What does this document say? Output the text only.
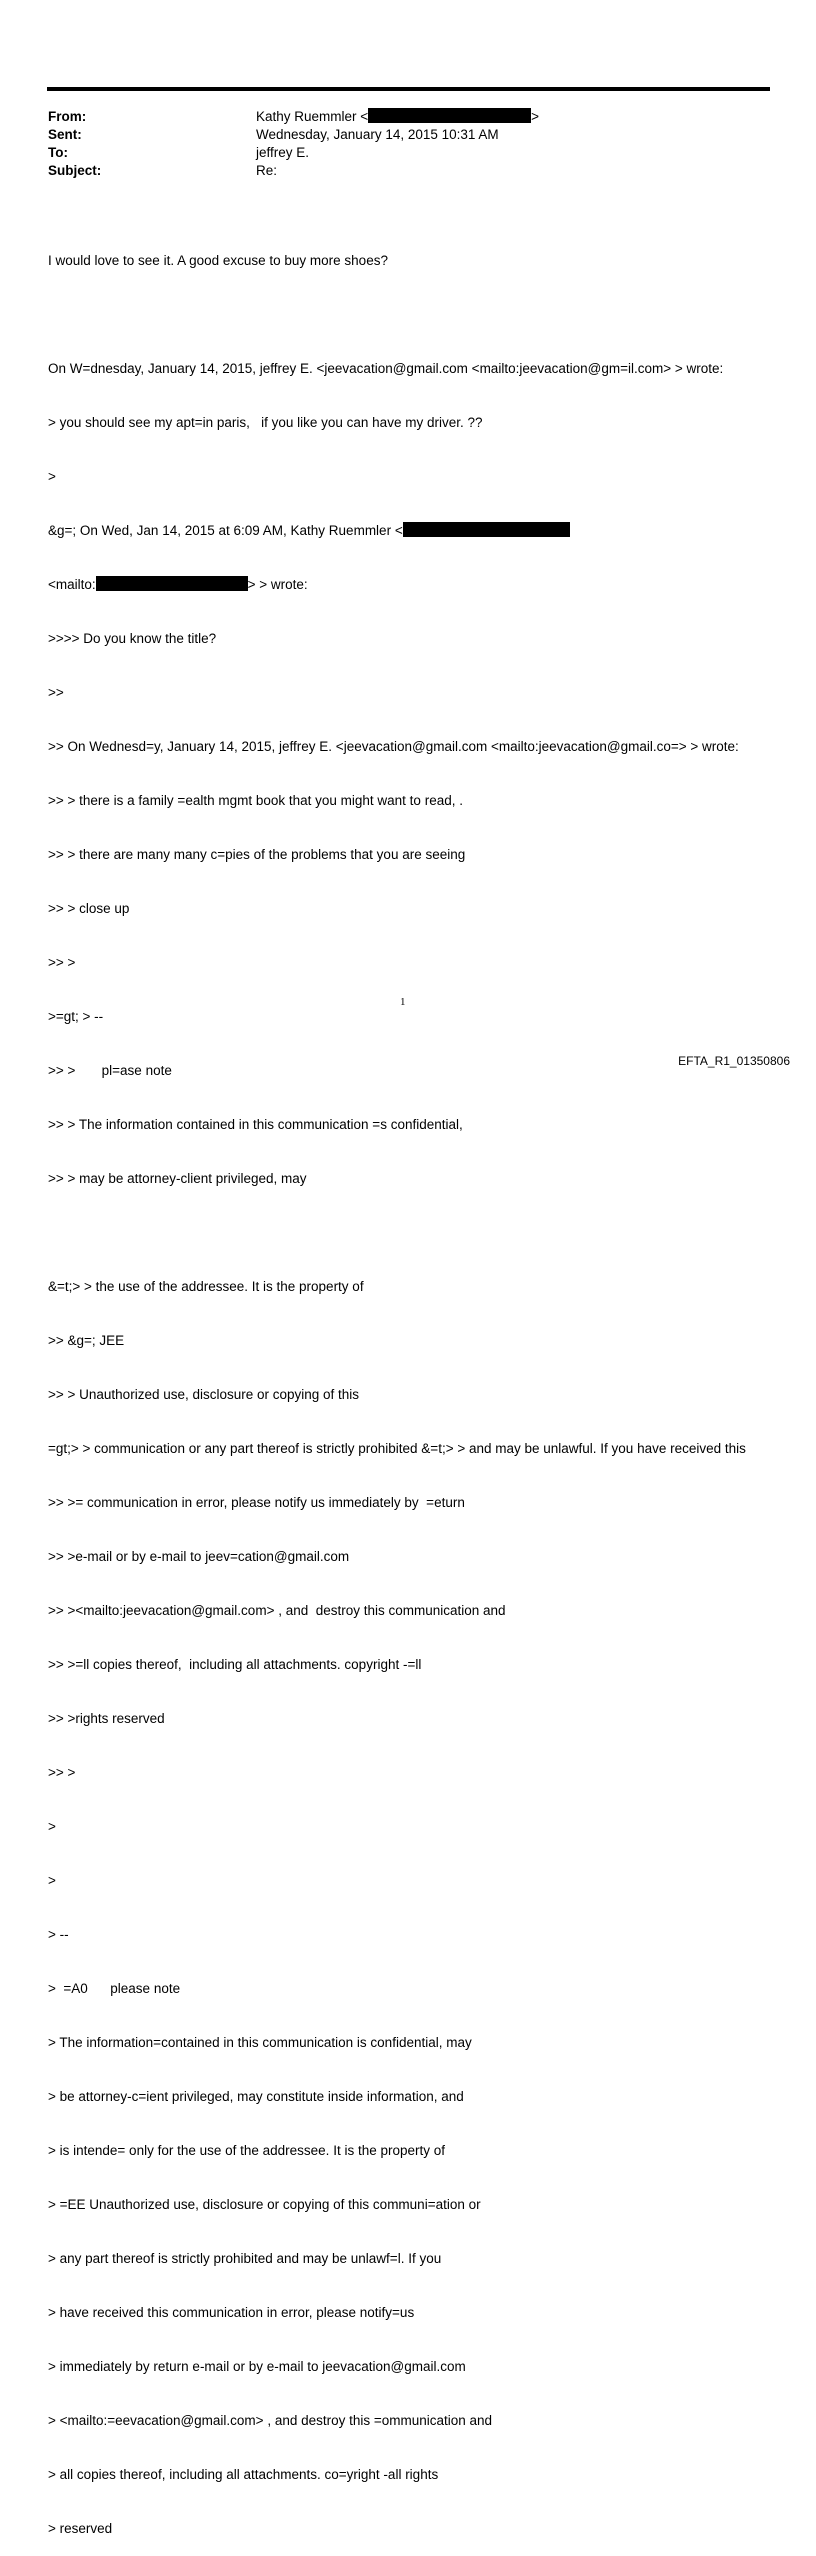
From:	Kathy Ruemmler <	>
Sent:	Wednesday, January 14, 2015 10:31 AM
To:	jeffrey E.
Subject:	Re:

I would love to see it. A good excuse to buy more shoes?

On W=dnesday, January 14, 2015, jeffrey E. <jeevacation@gmail.com <mailto:jeevacation@gm=il.com> > wrote:

> you should see my apt=in paris,   if you like you can have my driver. ??

>

&g=; On Wed, Jan 14, 2015 at 6:09 AM, Kathy Ruemmler <

<mailto:	> > wrote:

>>>> Do you know the title?

>>

>> On Wednesd=y, January 14, 2015, jeffrey E. <jeevacation@gmail.com <mailto:jeevacation@gmail.co=> > wrote:

>> > there is a family =ealth mgmt book that you might want to read, .

>> > there are many many c=pies of the problems that you are seeing

>> > close up

>> >

>=gt; > --

>> >       pl=ase note

>> > The information contained in this communication =s confidential,

>> > may be attorney-client privileged, may

&=t;> > the use of the addressee. It is the property of

>> &g=; JEE

>> > Unauthorized use, disclosure or copying of this

=gt;> > communication or any part thereof is strictly prohibited &=t;> > and may be unlawful. If you have received this

>> >= communication in error, please notify us immediately by  =eturn

>> >e-mail or by e-mail to jeev=cation@gmail.com

>> ><mailto:jeevacation@gmail.com> , and  destroy this communication and

>> >=ll copies thereof,  including all attachments. copyright -=ll

>> >rights reserved

>> >

>

>

> --

>  =A0      please note

> The information=contained in this communication is confidential, may

> be attorney-c=ient privileged, may constitute inside information, and

> is intende= only for the use of the addressee. It is the property of

> =EE Unauthorized use, disclosure or copying of this communi=ation or

> any part thereof is strictly prohibited and may be unlawf=l. If you

> have received this communication in error, please notify=us

> immediately by return e-mail or by e-mail to jeevacation@gmail.com

> <mailto:=eevacation@gmail.com> , and destroy this =ommunication and

> all copies thereof, including all attachments. co=yright -all rights

> reserved

1
EFTA_R1_01350806
